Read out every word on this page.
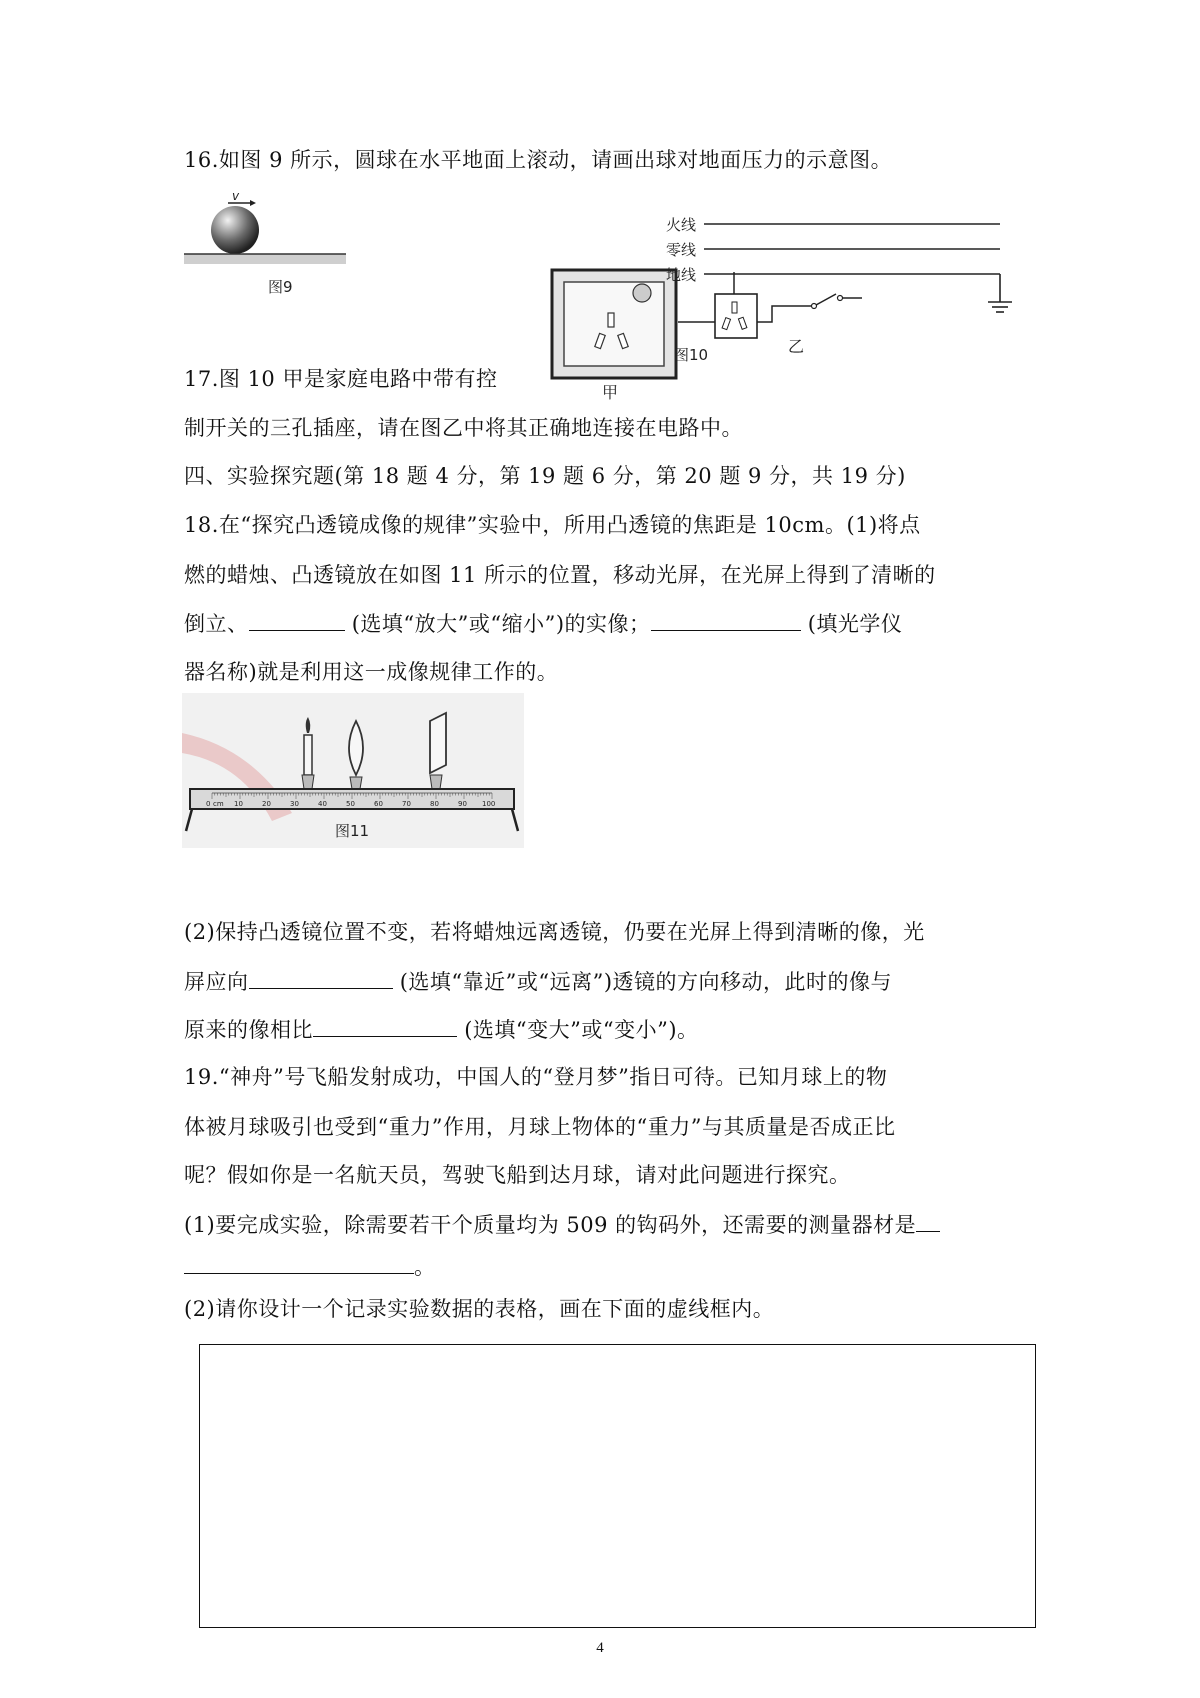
16.如图 9 所示，圆球在水平地面上滚动，请画出球对地面压力的示意图。
v
图9
甲
火线
零线
地线
乙
图10
17.图 10 甲是家庭电路中带有控
制开关的三孔插座，请在图乙中将其正确地连接在电路中。
四、实验探究题(第 18 题 4 分，第 19 题 6 分，第 20 题 9 分，共 19 分)
18.在“探究凸透镜成像的规律”实验中，所用凸透镜的焦距是 10cm。(1)将点
燃的蜡烛、凸透镜放在如图 11 所示的位置，移动光屏，在光屏上得到了清晰的
倒立、	(选填“放大”或“缩小”)的实像；	(填光学仪
器名称)就是利用这一成像规律工作的。
0 cm 10	20	30	40	50	60	70	80	90 100
图11
(2)保持凸透镜位置不变，若将蜡烛远离透镜，仍要在光屏上得到清晰的像，光
屏应向	(选填“靠近”或“远离”)透镜的方向移动，此时的像与
原来的像相比	(选填“变大”或“变小”)。
19.“神舟”号飞船发射成功，中国人的“登月梦”指日可待。已知月球上的物
体被月球吸引也受到“重力”作用，月球上物体的“重力”与其质量是否成正比
呢？假如你是一名航天员，驾驶飞船到达月球，请对此问题进行探究。
(1)要完成实验，除需要若干个质量均为 509 的钩码外，还需要的测量器材是
。
(2)请你设计一个记录实验数据的表格，画在下面的虚线框内。
4
